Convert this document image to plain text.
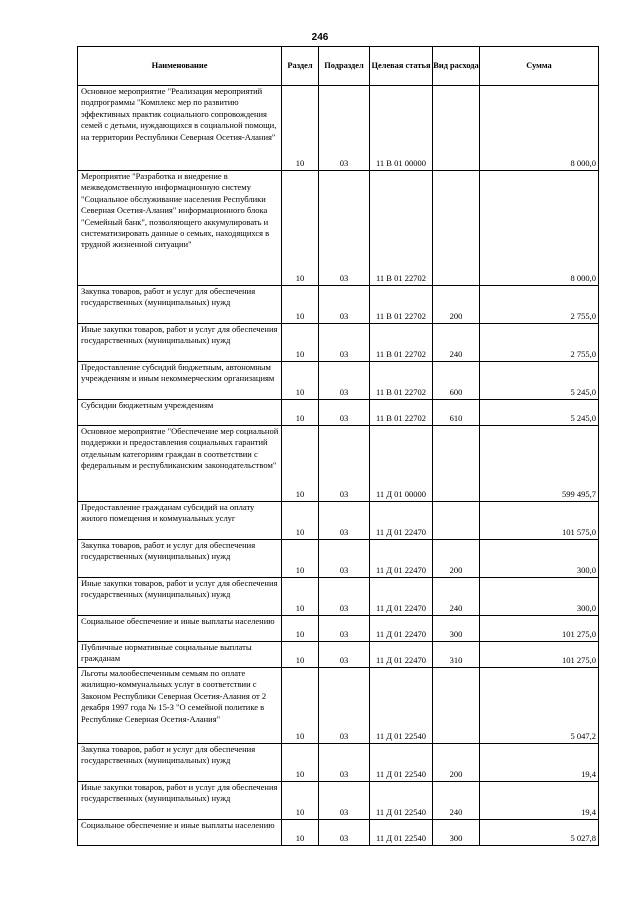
246
Наименование	Раздел	Подраздел	Целевая статья	Вид расхода	Сумма
Основное мероприятие "Реализация мероприятий подпрограммы "Комплекс мер по развитию эффективных практик социального сопровождения семей с детьми, нуждающихся в социальной помощи, на территории Республики Северная Осетия-Алания"	10	03	11 В 01 00000		8 000,0
Мероприятие "Разработка и внедрение в межведомственную информационную систему "Социальное обслуживание населения Республики Северная Осетия-Алания" информационного блока "Семейный банк", позволяющего аккумулировать и систематизировать данные о семьях, находящихся в трудной жизненной ситуации"	10	03	11 В 01 22702		8 000,0
Закупка товаров, работ и услуг для обеспечения государственных (муниципальных) нужд	10	03	11 В 01 22702	200	2 755,0
Иные закупки товаров, работ и услуг для обеспечения государственных (муниципальных) нужд	10	03	11 В 01 22702	240	2 755,0
Предоставление субсидий бюджетным, автономным учреждениям и иным некоммерческим организациям	10	03	11 В 01 22702	600	5 245,0
Субсидии бюджетным учреждениям	10	03	11 В 01 22702	610	5 245,0
Основное мероприятие "Обеспечение мер социальной поддержки и предоставления социальных гарантий отдельным категориям граждан в соответствии с федеральным и республиканским законодательством"	10	03	11 Д 01 00000		599 495,7
Предоставление гражданам субсидий на оплату жилого помещения и коммунальных услуг	10	03	11 Д 01 22470		101 575,0
Закупка товаров, работ и услуг для обеспечения государственных (муниципальных) нужд	10	03	11 Д 01 22470	200	300,0
Иные закупки товаров, работ и услуг для обеспечения государственных (муниципальных) нужд	10	03	11 Д 01 22470	240	300,0
Социальное обеспечение и иные выплаты населению	10	03	11 Д 01 22470	300	101 275,0
Публичные нормативные социальные выплаты гражданам	10	03	11 Д 01 22470	310	101 275,0
Льготы малообеспеченным семьям по оплате жилищно-коммунальных услуг в соответствии с Законом Республики Северная Осетия-Алания от 2 декабря 1997 года № 15-З "О семейной политике в Республике Северная Осетия-Алания"	10	03	11 Д 01 22540		5 047,2
Закупка товаров, работ и услуг для обеспечения государственных (муниципальных) нужд	10	03	11 Д 01 22540	200	19,4
Иные закупки товаров, работ и услуг для обеспечения государственных (муниципальных) нужд	10	03	11 Д 01 22540	240	19,4
Социальное обеспечение и иные выплаты населению	10	03	11 Д 01 22540	300	5 027,8
